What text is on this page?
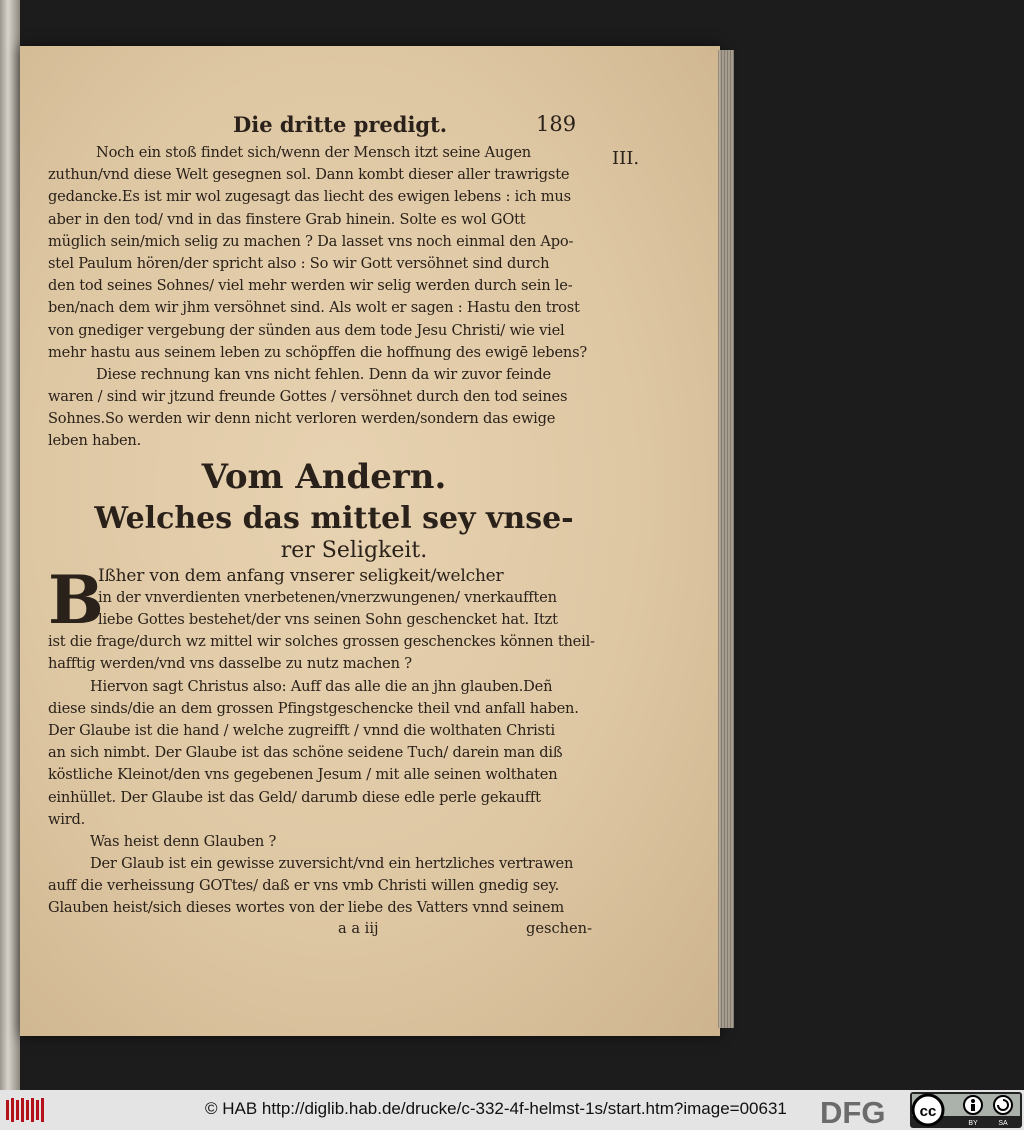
III.
Die dritte predigt.	189
Noch ein stoß findet sich/wenn der Mensch itzt seine Augen
zuthun/vnd diese Welt gesegnen sol. Dann kombt dieser aller trawrigste
gedancke.Es ist mir wol zugesagt das liecht des ewigen lebens : ich mus
aber in den tod/ vnd in das finstere Grab hinein. Solte es wol GOtt
müglich sein/mich selig zu machen ? Da lasset vns noch einmal den Apo-
stel Paulum hören/der spricht also : So wir Gott versöhnet sind durch
den tod seines Sohnes/ viel mehr werden wir selig werden durch sein le-
ben/nach dem wir jhm versöhnet sind. Als wolt er sagen : Hastu den trost
von gnediger vergebung der sünden aus dem tode Jesu Christi/ wie viel
mehr hastu aus seinem leben zu schöpffen die hoffnung des ewigē lebens?
Diese rechnung kan vns nicht fehlen. Denn da wir zuvor feinde
waren / sind wir jtzund freunde Gottes / versöhnet durch den tod seines
Sohnes.So werden wir denn nicht verloren werden/sondern das ewige
leben haben.
Vom Andern.
Welches das mittel sey vnse-
rer Seligkeit.
B
Ißher von dem anfang vnserer seligkeit/welcher
in der vnverdienten vnerbetenen/vnerzwungenen/ vnerkaufften
liebe Gottes bestehet/der vns seinen Sohn geschencket hat. Itzt
ist die frage/durch wz mittel wir solches grossen geschenckes können theil-
hafftig werden/vnd vns dasselbe zu nutz machen ?
Hiervon sagt Christus also: Auff das alle die an jhn glauben.Deñ
diese sinds/die an dem grossen Pfingstgeschencke theil vnd anfall haben.
Der Glaube ist die hand / welche zugreifft / vnnd die wolthaten Christi
an sich nimbt. Der Glaube ist das schöne seidene Tuch/ darein man diß
köstliche Kleinot/den vns gegebenen Jesum / mit alle seinen wolthaten
einhüllet. Der Glaube ist das Geld/ darumb diese edle perle gekaufft
wird.
Was heist denn Glauben ?
Der Glaub ist ein gewisse zuversicht/vnd ein hertzliches vertrawen
auff die verheissung GOTtes/ daß er vns vmb Christi willen gnedig sey.
Glauben heist/sich dieses wortes von der liebe des Vatters vnnd seinem
a a iij	geschen-
© HAB http://diglib.hab.de/drucke/c-332-4f-helmst-1s/start.htm?image=00631 DFG cc
BY	SA
